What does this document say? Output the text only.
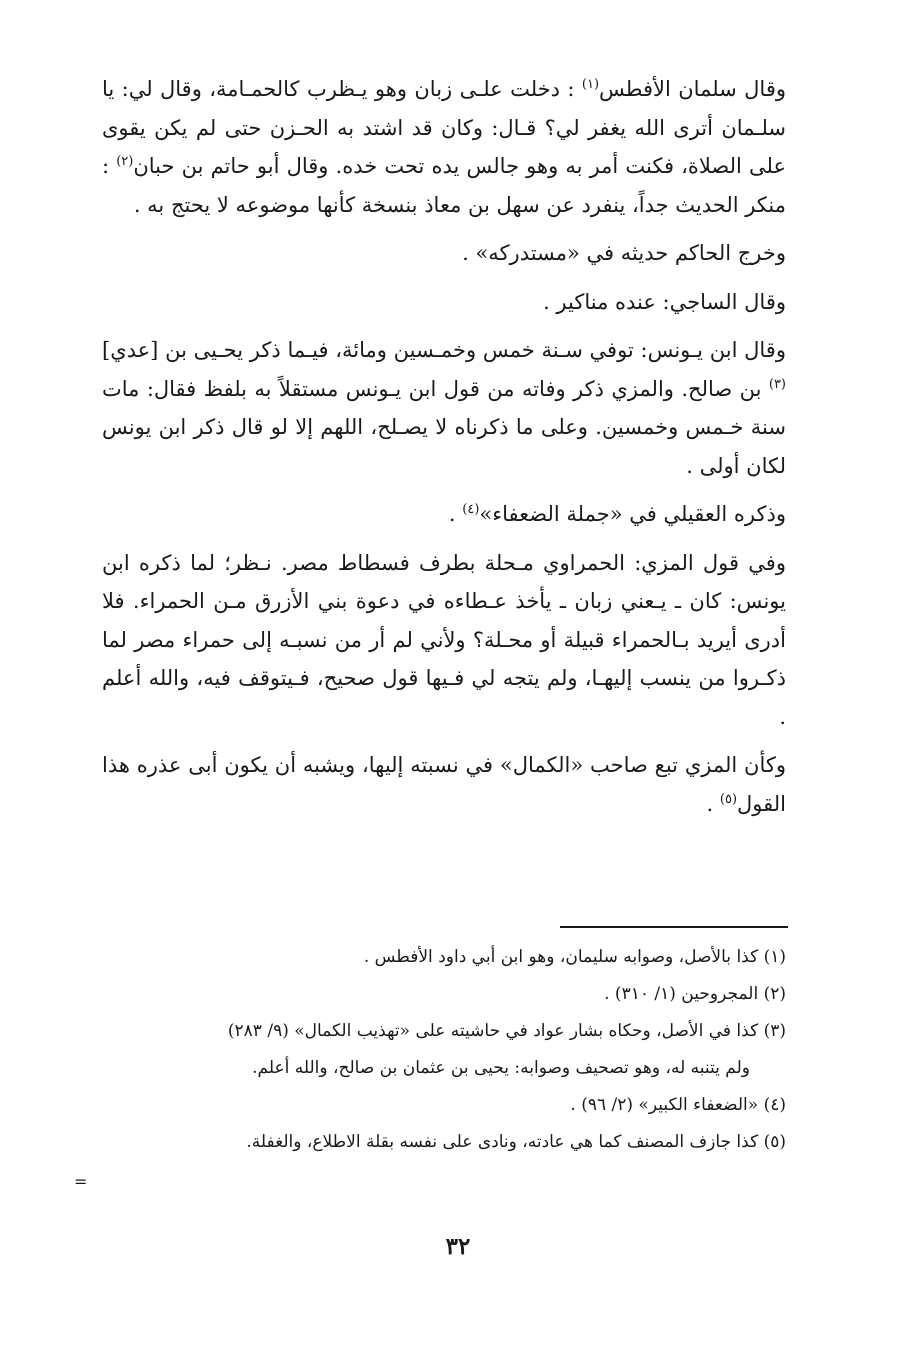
وقال سلمان الأفطس$^{(١)}$ : دخلت علـى زبان وهو يـظرب كالحمـامة، وقال لي: يا سلـمان أترى الله يغفر لي؟ قـال: وكان قد اشتد به الحـزن حتى لم يكن يقوى على الصلاة، فكنت أمر به وهو جالس يده تحت خده. وقال أبو حاتم بن حبان$^{(٢)}$ : منكر الحديث جداً، ينفرد عن سهل بن معاذ بنسخة كأنها موضوعه لا يحتج به .

وخرج الحاكم حديثه في «مستدركه» .

وقال الساجي: عنده مناكير .

وقال ابن يـونس: توفي سـنة خمس وخمـسين ومائة، فيـما ذكر يحـيى بن [عدي]$^{(٣)}$ بن صالح. والمزي ذكر وفاته من قول ابن يـونس مستقلاً به بلفظ فقال: مات سنة خـمس وخمسين. وعلى ما ذكرناه لا يصـلح، اللهم إلا لو قال ذكر ابن يونس لكان أولى .

وذكره العقيلي في «جملة الضعفاء»$^{(٤)}$ .

وفي قول المزي: الحمراوي مـحلة بطرف فسطاط مصر. نـظر؛ لما ذكره ابن يونس: كان ـ يـعني زبان ـ يأخذ عـطاءه في دعوة بني الأزرق مـن الحمراء. فلا أدرى أيريد بـالحمراء قبيلة أو محـلة؟ ولأني لم أر من نسبـه إلى حمراء مصر لما ذكـروا من ينسب إليهـا، ولم يتجه لي فـيها قول صحيح، فـيتوقف فيه، والله أعلم .

وكأن المزي تبع صاحب «الكمال» في نسبته إليها، ويشبه أن يكون أبى عذره هذا القول$^{(٥)}$ .

(١) كذا بالأصل، وصوابه سليمان، وهو ابن أبي داود الأفطس .

(٢) المجروحين (١/ ٣١٠) .

(٣) كذا في الأصل، وحكاه بشار عواد في حاشيته على «تهذيب الكمال» (٩/ ٢٨٣)

ولم يتنبه له، وهو تصحيف وصوابه: يحيى بن عثمان بن صالح، والله أعلم.

(٤) «الضعفاء الكبير» (٢/ ٩٦) .

(٥) كذا جازف المصنف كما هي عادته، ونادى على نفسه بقلة الاطلاع، والغفلة.

=
٣٢
